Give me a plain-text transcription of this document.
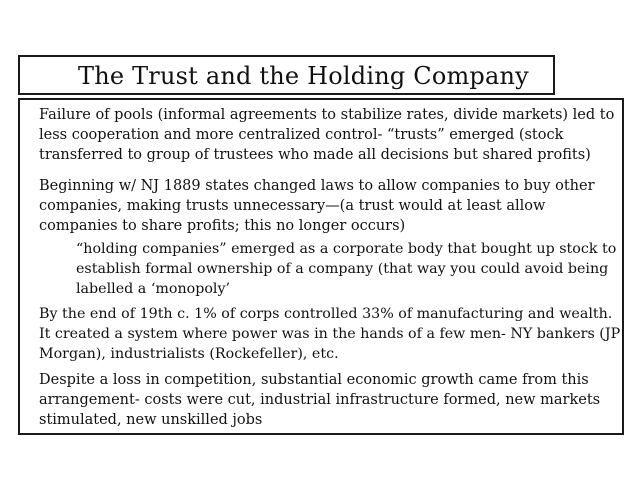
The Trust and the Holding Company
Failure of pools (informal agreements to stabilize rates, divide markets) led to
less cooperation and more centralized control- “trusts” emerged (stock
transferred to group of trustees who made all decisions but shared profits)
Beginning w/ NJ 1889 states changed laws to allow companies to buy other
companies, making trusts unnecessary—(a trust would at least allow
companies to share profits; this no longer occurs)
“holding companies” emerged as a corporate body that bought up stock to
establish formal ownership of a company (that way you could avoid being
labelled a ‘monopoly’
By the end of 19th c. 1% of corps controlled 33% of manufacturing and wealth.
It created a system where power was in the hands of a few men- NY bankers (JP
Morgan), industrialists (Rockefeller), etc.
Despite a loss in competition, substantial economic growth came from this
arrangement- costs were cut, industrial infrastructure formed, new markets
stimulated, new unskilled jobs
